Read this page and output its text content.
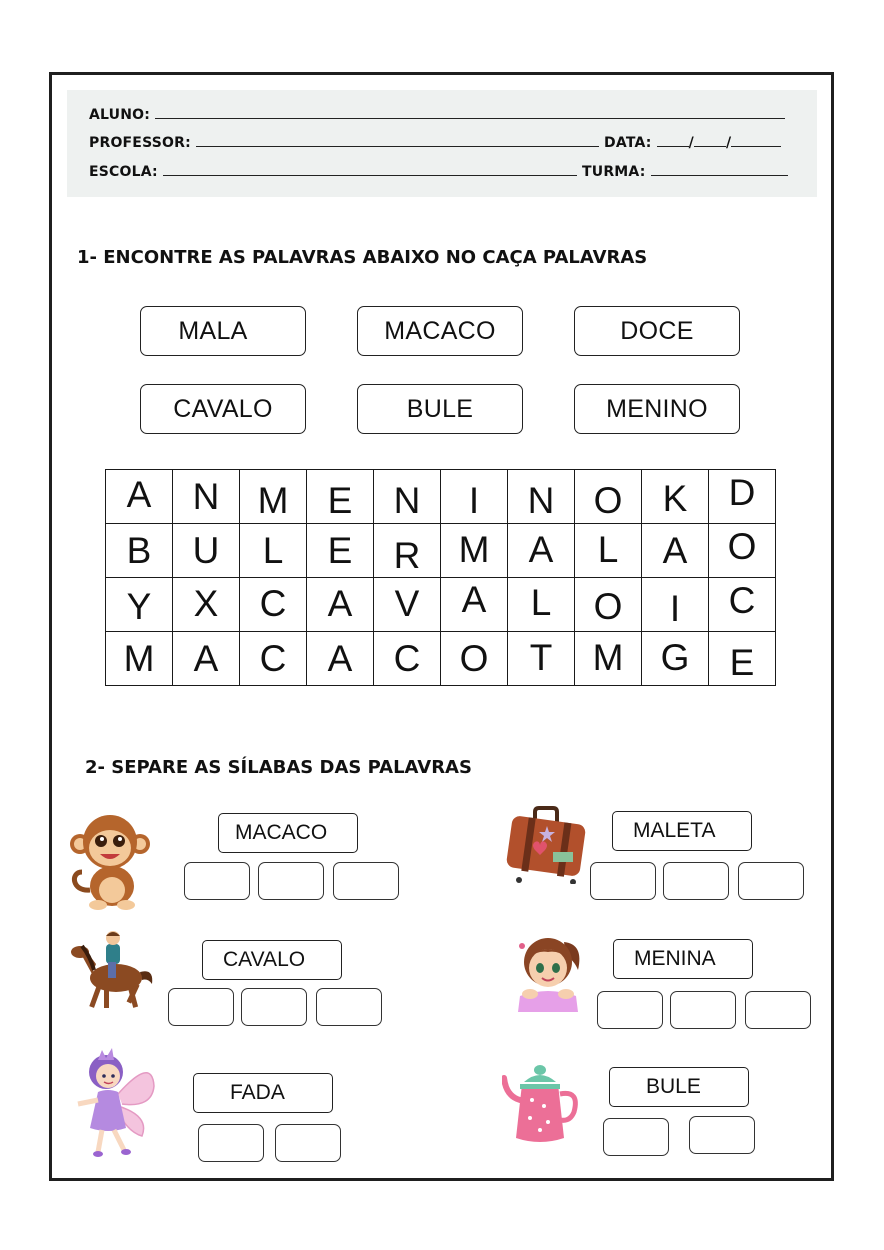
ALUNO:
PROFESSOR:	DATA:	/ /
ESCOLA:	TURMA:
1- ENCONTRE AS PALAVRAS ABAIXO NO CAÇA PALAVRAS
MALA	MACACO	DOCE
CAVALO	BULE	MENINO
A	N	M	E	N	I	N	O	K	D

B	U	L	E	R	M	A	L	A	O

Y	X	C	A	V	A	L	O	I	C

M	A	C	A	C	O	T	M	G	E
2- SEPARE AS SÍLABAS DAS PALAVRAS
MACACO	MALETA
CAVALO	MENINA
FADA	BULE
